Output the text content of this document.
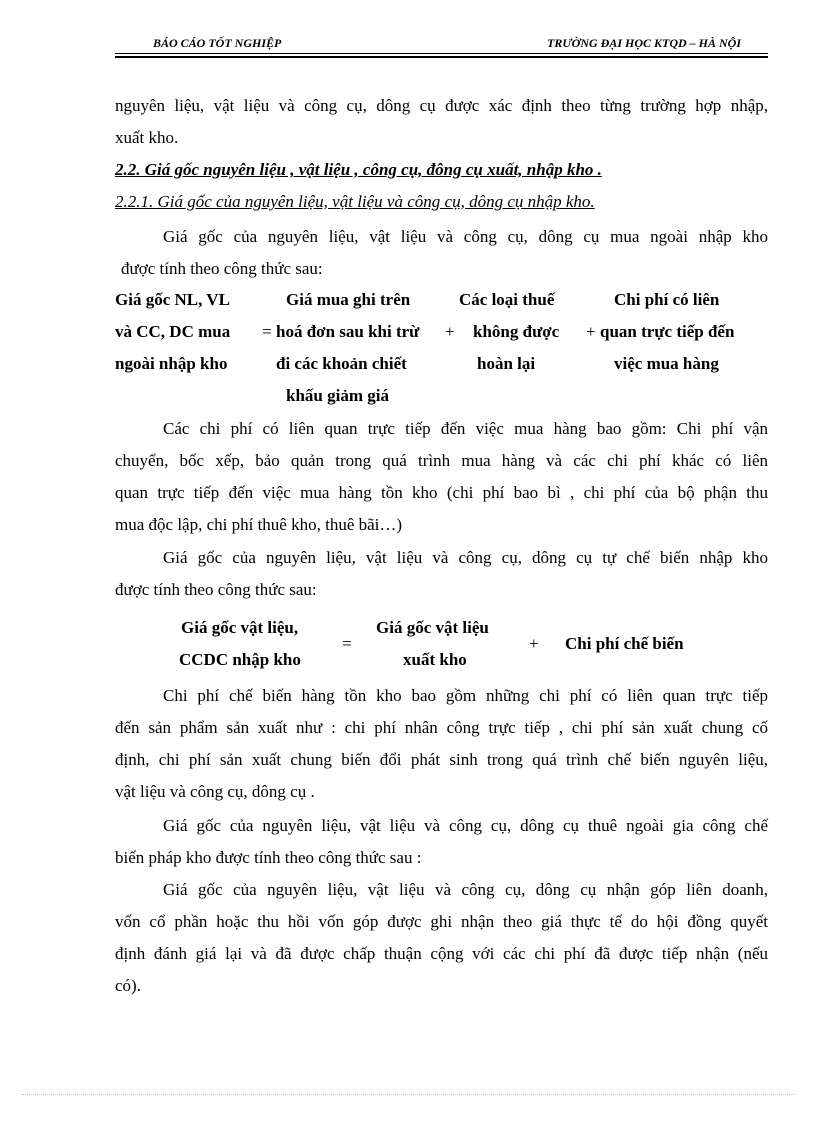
BÁO CÁO TỐT NGHIỆP	TRƯỜNG ĐẠI HỌC KTQD – HÀ NỘI
nguyên liệu, vật liệu và công cụ, dông cụ được xác định theo từng trường hợp nhập,
xuất kho.
2.2. Giá gốc nguyên liệu , vật liệu , công cụ, đông cụ xuất, nhập kho .
2.2.1. Giá gốc của nguyên liệu, vật liệu và công cụ, dông cụ nhập kho.
Giá gốc của nguyên liệu, vật liệu và công cụ, dông cụ mua ngoài nhập kho
được tính theo công thức sau:
Giá gốc NL, VL
và CC, DC mua
ngoài nhập kho
=
Giá mua ghi trên
hoá đơn sau khi trừ
đi các khoản chiết
khấu giảm giá
+
Các loại thuế
không được
hoàn lại
+
Chi phí có liên
quan trực tiếp đến
việc mua hàng
Các chi phí có liên quan trực tiếp đến việc mua hàng bao gồm: Chi phí vận
chuyển, bốc xếp, bảo quản trong quá trình mua hàng và các chi phí khác có liên
quan trực tiếp đến việc mua hàng tồn kho (chi phí bao bì , chi phí của bộ phận thu
mua độc lập, chi phí thuê kho, thuê bãi…)
Giá gốc của nguyên liệu, vật liệu và công cụ, dông cụ tự chế biến nhập kho
được tính theo công thức sau:
Giá gốc vật liệu,
CCDC nhập kho
=
Giá gốc vật liệu
xuất kho
+ Chi phí chế biến
Chi phí chế biến hàng tồn kho bao gồm những chi phí có liên quan trực tiếp
đến sản phẩm sản xuất như : chi phí nhân công trực tiếp , chi phí sản xuất chung cố
định, chi phí sản xuất chung biến đổi phát sinh trong quá trình chế biến nguyên liệu,
vật liệu và công cụ, dông cụ .
Giá gốc của nguyên liệu, vật liệu và công cụ, dông cụ thuê ngoài gia công chế
biến pháp kho được tính theo công thức sau :
Giá gốc của nguyên liệu, vật liệu và công cụ, dông cụ nhận góp liên doanh,
vốn cổ phần hoặc thu hồi vốn góp được ghi nhận theo giá thực tế do hội đồng quyết
định đánh giá lại và đã được chấp thuận cộng với các chi phí đã được tiếp nhận (nếu
có).
